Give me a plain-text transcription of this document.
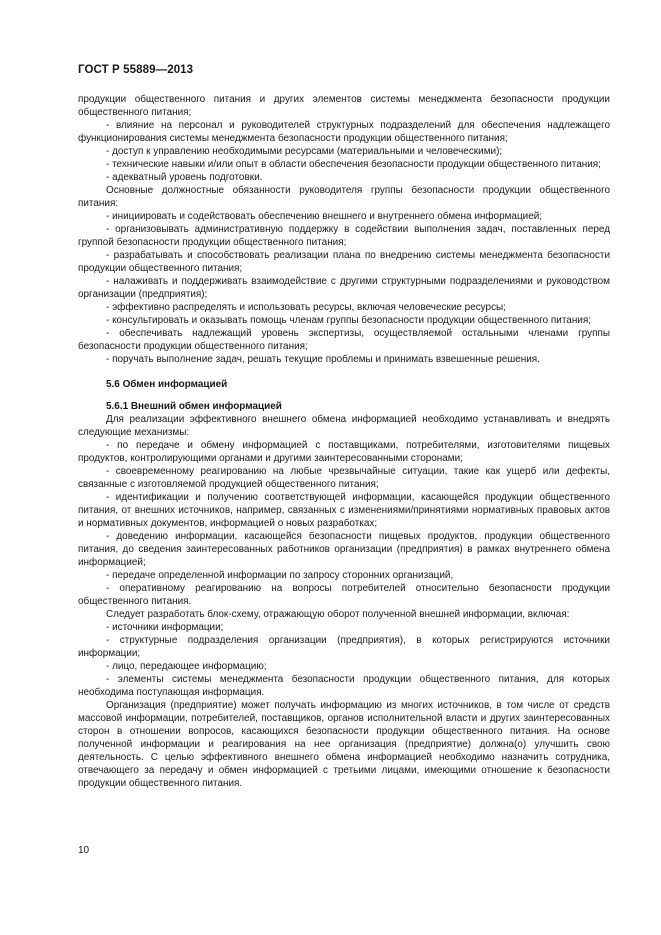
ГОСТ Р 55889—2013

продукции общественного питания и других элементов системы менеджмента безопасности продукции общественного питания;

- влияние на персонал и руководителей структурных подразделений для обеспечения надлежащего функционирования системы менеджмента безопасности продукции общественного питания;

- доступ к управлению необходимыми ресурсами (материальными и человеческими);

- технические навыки и/или опыт в области обеспечения безопасности продукции общественного питания;

- адекватный уровень подготовки.

Основные должностные обязанности руководителя группы безопасности продукции общественного питания:

- инициировать и содействовать обеспечению внешнего и внутреннего обмена информацией;

- организовывать административную поддержку в содействии выполнения задач, поставленных перед группой безопасности продукции общественного питания;

- разрабатывать и способствовать реализации плана по внедрению системы менеджмента безопасности продукции общественного питания;

- налаживать и поддерживать взаимодействие с другими структурными подразделениями и руководством организации (предприятия);

- эффективно распределять и использовать ресурсы, включая человеческие ресурсы;

- консультировать и оказывать помощь членам группы безопасности продукции общественного питания;

- обеспечивать надлежащий уровень экспертизы, осуществляемой остальными членами группы безопасности продукции общественного питания;

- поручать выполнение задач, решать текущие проблемы и принимать взвешенные решения.

5.6 Обмен информацией

5.6.1 Внешний обмен информацией

Для реализации эффективного внешнего обмена информацией необходимо устанавливать и внедрять следующие механизмы:

- по передаче и обмену информацией с поставщиками, потребителями, изготовителями пищевых продуктов, контролирующими органами и другими заинтересованными сторонами;

- своевременному реагированию на любые чрезвычайные ситуации, такие как ущерб или дефекты, связанные с изготовляемой продукцией общественного питания;

- идентификации и получению соответствующей информации, касающейся продукции общественного питания, от внешних источников, например, связанных с изменениями/принятиями нормативных правовых актов и нормативных документов, информацией о новых разработках;

- доведению информации, касающейся безопасности пищевых продуктов, продукции общественного питания, до сведения заинтересованных работников организации (предприятия) в рамках внутреннего обмена информацией;

- передаче определенной информации по запросу сторонних организаций,

- оперативному реагированию на вопросы потребителей относительно безопасности продукции общественного питания.

Следует разработать блок-схему, отражающую оборот полученной внешней информации, включая:

- источники информации;

- структурные подразделения организации (предприятия), в которых регистрируются источники информации;

- лицо, передающее информацию;

- элементы системы менеджмента безопасности продукции общественного питания, для которых необходима поступающая информация.

Организация (предприятие) может получать информацию из многих источников, в том числе от средств массовой информации, потребителей, поставщиков, органов исполнительной власти и других заинтересованных сторон в отношении вопросов, касающихся безопасности продукции общественного питания. На основе полученной информации и реагирования на нее организация (предприятие) должна(о) улучшить свою деятельность. С целью эффективного внешнего обмена информацией необходимо назначить сотрудника, отвечающего за передачу и обмен информацией с третьими лицами, имеющими отношение к безопасности продукции общественного питания.

10
